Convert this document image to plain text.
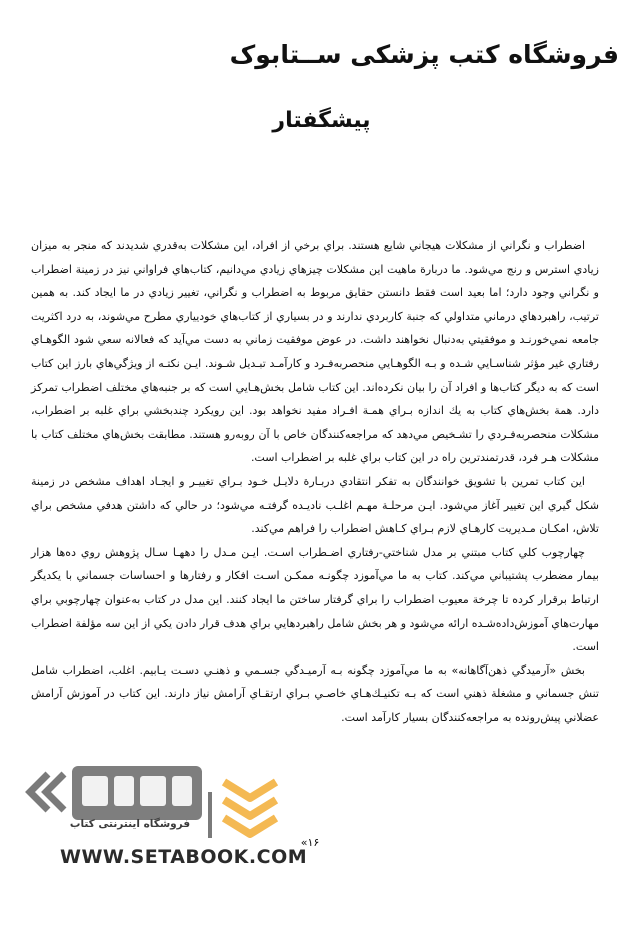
فروشگاه کتب پزشکی ســتابوک
پیشگفتار

اضطراب و نگراني از مشكلات هيجاني شايع هستند. براي برخي از افراد، اين مشكلات به‌قدري شديدند كه منجر به ميزان زيادي استرس و رنج مي‌شود. ما دربارة ماهيت اين مشكلات چيزهاي زيادي مي‌دانيم، كتاب‌هاي فراواني نيز در زمينة اضطراب و نگراني وجود دارد؛ اما بعيد است فقط دانستن حقايق مربوط به اضطراب و نگراني، تغيير زيادي در ما ايجاد كند. به همين ترتيب، راهبردهاي درماني متداولي كه جنبة كاربردي ندارند و در بسياري از كتاب‌هاي خوديياري مطرح مي‌شوند، به درد اكثريت جامعه نمي‌خورنـد و موفقيتي به‌دنبال نخواهند داشت. در عوض موفقيت زماني به دست مي‌آيد كه فعالانه سعي شود الگوهـاي رفتاري غير مؤثر شناسـايي شـده و بـه الگوهـايي منحصربه‌فـرد و كارآمـد تبـديل شـوند. ايـن نكتـه از ويژگي‌هاي بارز اين كتاب است كه به ديگر كتاب‌ها و افراد آن را بيان نكرده‌اند. اين كتاب شامل بخش‌هـايي است كه بر جنبه‌هاي مختلف اضطراب تمركز دارد. همة بخش‌هاي كتاب به يك اندازه بـراي همـة افـراد مفيد نخواهد بود. اين رويكرد چندبخشي براي غلبه بر اضطراب، مشكلات منحصربه‌فـردي را تشـخيص مي‌دهد كه مراجعه‌كنندگان خاص با آن روبه‌رو هستند. مطابقت بخش‌هاي مختلف كتاب با مشكلات هـر فرد، قدرتمندترين راه در اين كتاب براي غلبه بر اضطراب است.

اين كتاب تمرين با تشويق خوانندگان به تفكر انتقادي دربـارة دلايـل خـود بـراي تغييـر و ايجـاد اهداف مشخص در زمينة شكل گيري اين تغيير آغاز مي‌شود. ايـن مرحلـة مهـم اغلـب ناديـده گرفتـه مي‌شود؛ در حالي كه داشتن هدفي مشخص براي تلاش، امكـان مـديريت كارهـاي لازم بـراي كـاهش اضطراب را فراهم مي‌كند.

چهارچوب كلي كتاب مبتني بر مدل شناختي-رفتاري اضـطراب اسـت. ايـن مـدل را دههـا سـال پژوهش روي ده‌ها هزار بيمار مضطرب پشتيباني مي‌كند. كتاب به ما مي‌آموزد چگونـه ممكـن اسـت افكار و رفتارها و احساسات جسماني با يكديگر ارتباط برقرار كرده تا چرخة معيوب اضطراب را براي گرفتار ساختن ما ايجاد كنند. اين مدل در كتاب به‌عنوان چهارچوبي براي مهارت‌هاي آموزش‌داده‌شـده ارائه مي‌شود و هر بخش شامل راهبردهايي براي هدف قرار دادن يكي از اين سه مؤلفة اضطراب است.

بخش «آرميدگي ذهن‌آگاهانه» به ما مي‌آموزد چگونه بـه آرميـدگي جسـمي و ذهنـي دسـت يـابيم. اغلب، اضطراب شامل تنش جسماني و مشغلة ذهني است كه بـه تكنيـك‌هـاي خاصـي بـراي ارتقـاي آرامش نياز دارند. اين كتاب در آموزش آرامش عضلاني پيش‌رونده به مراجعه‌كنندگان بسيار كارآمد است.

۱۶»
فروشگاه اینترنتی کتاب
WWW.SETABOOK.COM
